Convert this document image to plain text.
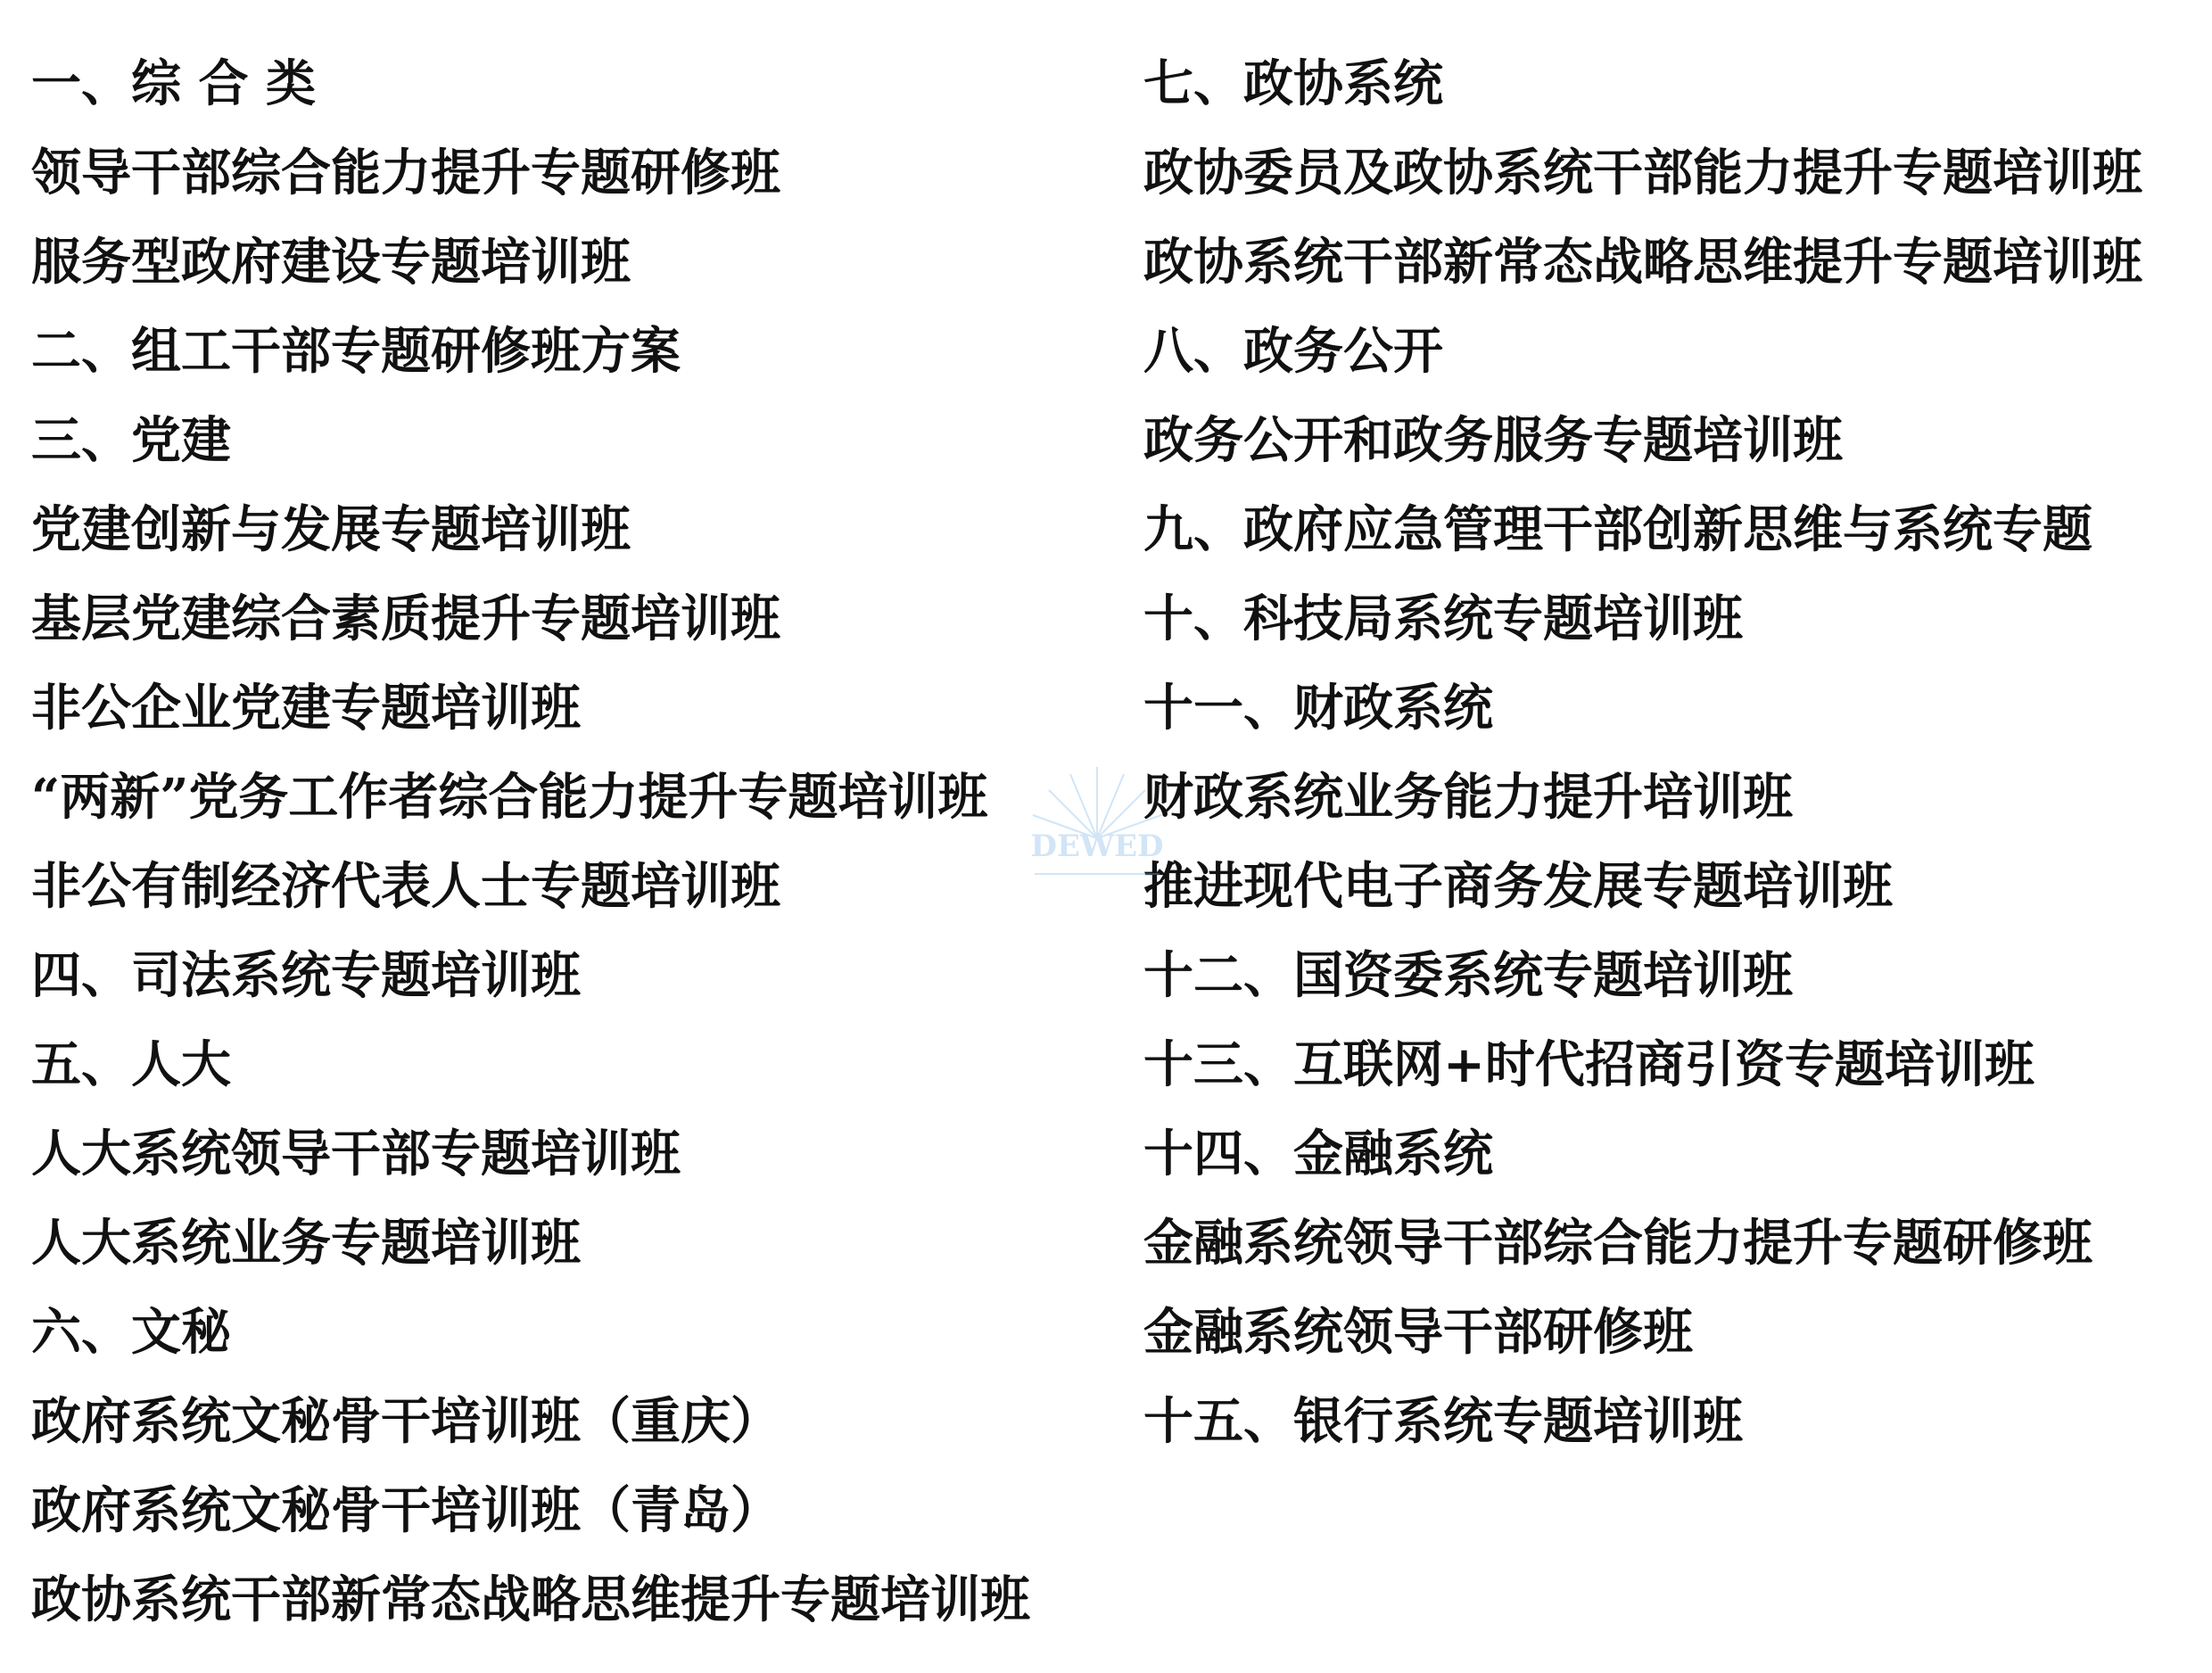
一、综 合 类
领导干部综合能力提升专题研修班
服务型政府建设专题培训班
二、组工干部专题研修班方案
三、党建
党建创新与发展专题培训班
基层党建综合素质提升专题培训班
非公企业党建专题培训班
“两新”党务工作者综合能力提升专题培训班
非公有制经济代表人士专题培训班
四、司法系统专题培训班
五、人大
人大系统领导干部专题培训班
人大系统业务专题培训班
六、文秘
政府系统文秘骨干培训班（重庆）
政府系统文秘骨干培训班（青岛）
政协系统干部新常态战略思维提升专题培训班
七、政协系统
政协委员及政协系统干部能力提升专题培训班
政协系统干部新常态战略思维提升专题培训班
八、政务公开
政务公开和政务服务专题培训班
九、政府应急管理干部创新思维与系统专题
十、科技局系统专题培训班
十一、财政系统
财政系统业务能力提升培训班
推进现代电子商务发展专题培训班
十二、国资委系统专题培训班
十三、互联网+时代招商引资专题培训班
十四、金融系统
金融系统领导干部综合能力提升专题研修班
金融系统领导干部研修班
十五、银行系统专题培训班
DEWED
